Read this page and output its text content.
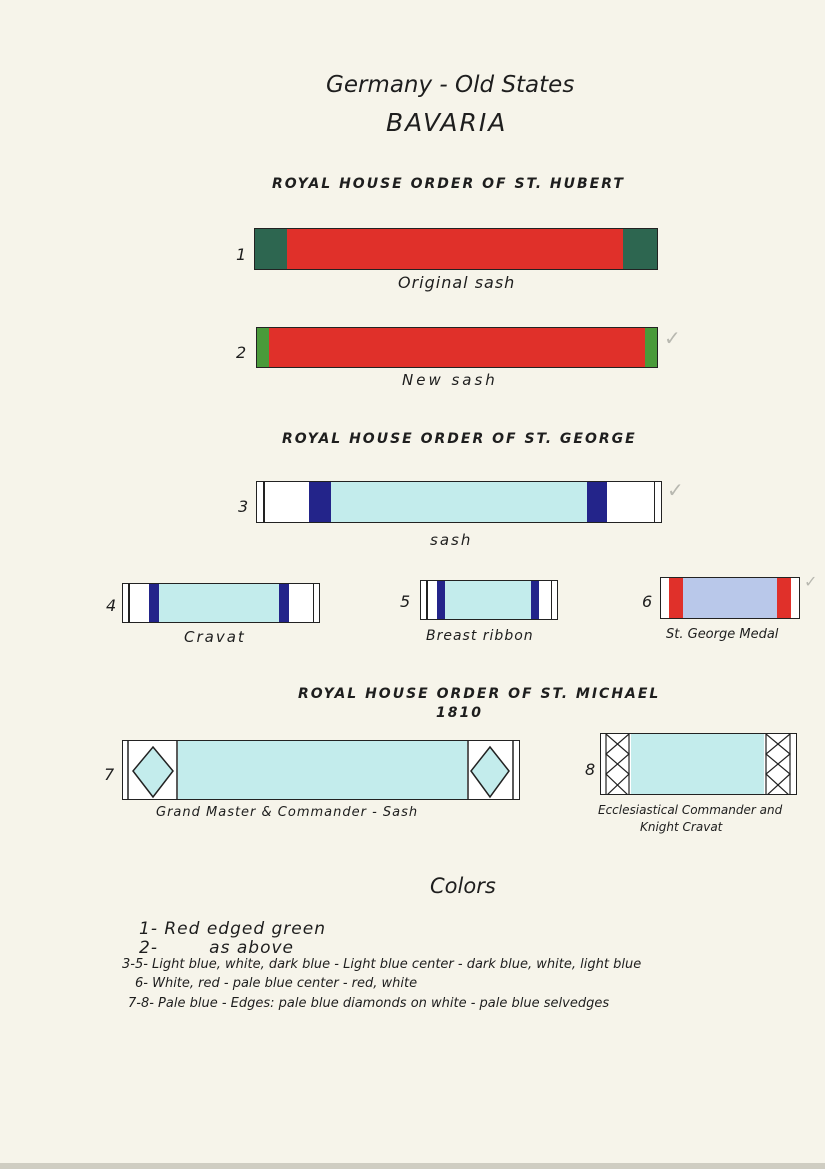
Germany - Old States
BAVARIA
ROYAL HOUSE ORDER OF ST. HUBERT
1
Original sash
2
✓
New sash
ROYAL HOUSE ORDER OF ST. GEORGE
3
✓
sash
4
Cravat
5
Breast ribbon
6
✓
St. George Medal
ROYAL HOUSE ORDER OF ST. MICHAEL
1810
7
Grand Master & Commander - Sash
8
Ecclesiastical Commander and
Knight Cravat
Colors
1- Red edged green
2-        as above
3-5- Light blue, white, dark blue - Light blue center - dark blue, white, light blue
6- White, red - pale blue center - red, white
7-8- Pale blue - Edges: pale blue diamonds on white - pale blue selvedges
